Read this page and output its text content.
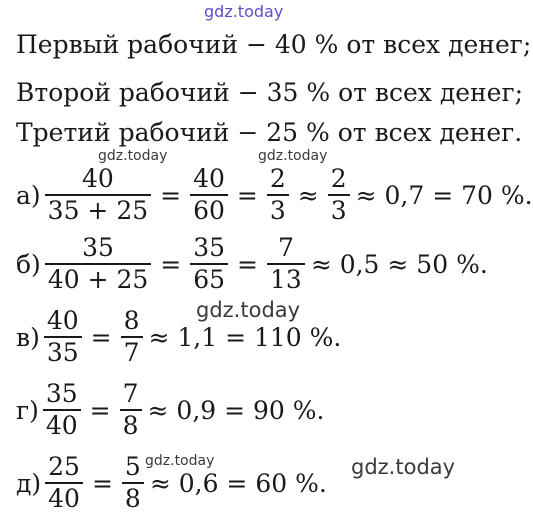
gdz.today
gdz.today	gdz.today
gdz.today
gdz.today	gdz.today
Первый рабочий − 40 % от всех денег;
Второй рабочий − 35 % от всех денег;
Третий рабочий − 25 % от всех денег.
$а) \frac{40}{35 + 25} = \frac{40}{60} = \frac{2}{3} \approx \frac{2}{3} \approx 0,7 = 70$ %.
$б) \frac{35}{40 + 25} = \frac{35}{65} = \frac{7}{13} \approx 0,5 \approx 50$ %.
$в) \frac{40}{35} = \frac{8}{7} \approx 1,1 = 110$ %.
$г) \frac{35}{40} = \frac{7}{8} \approx 0,9 = 90$ %.
$д) \frac{25}{40} = \frac{5}{8} \approx 0,6 = 60$ %.
